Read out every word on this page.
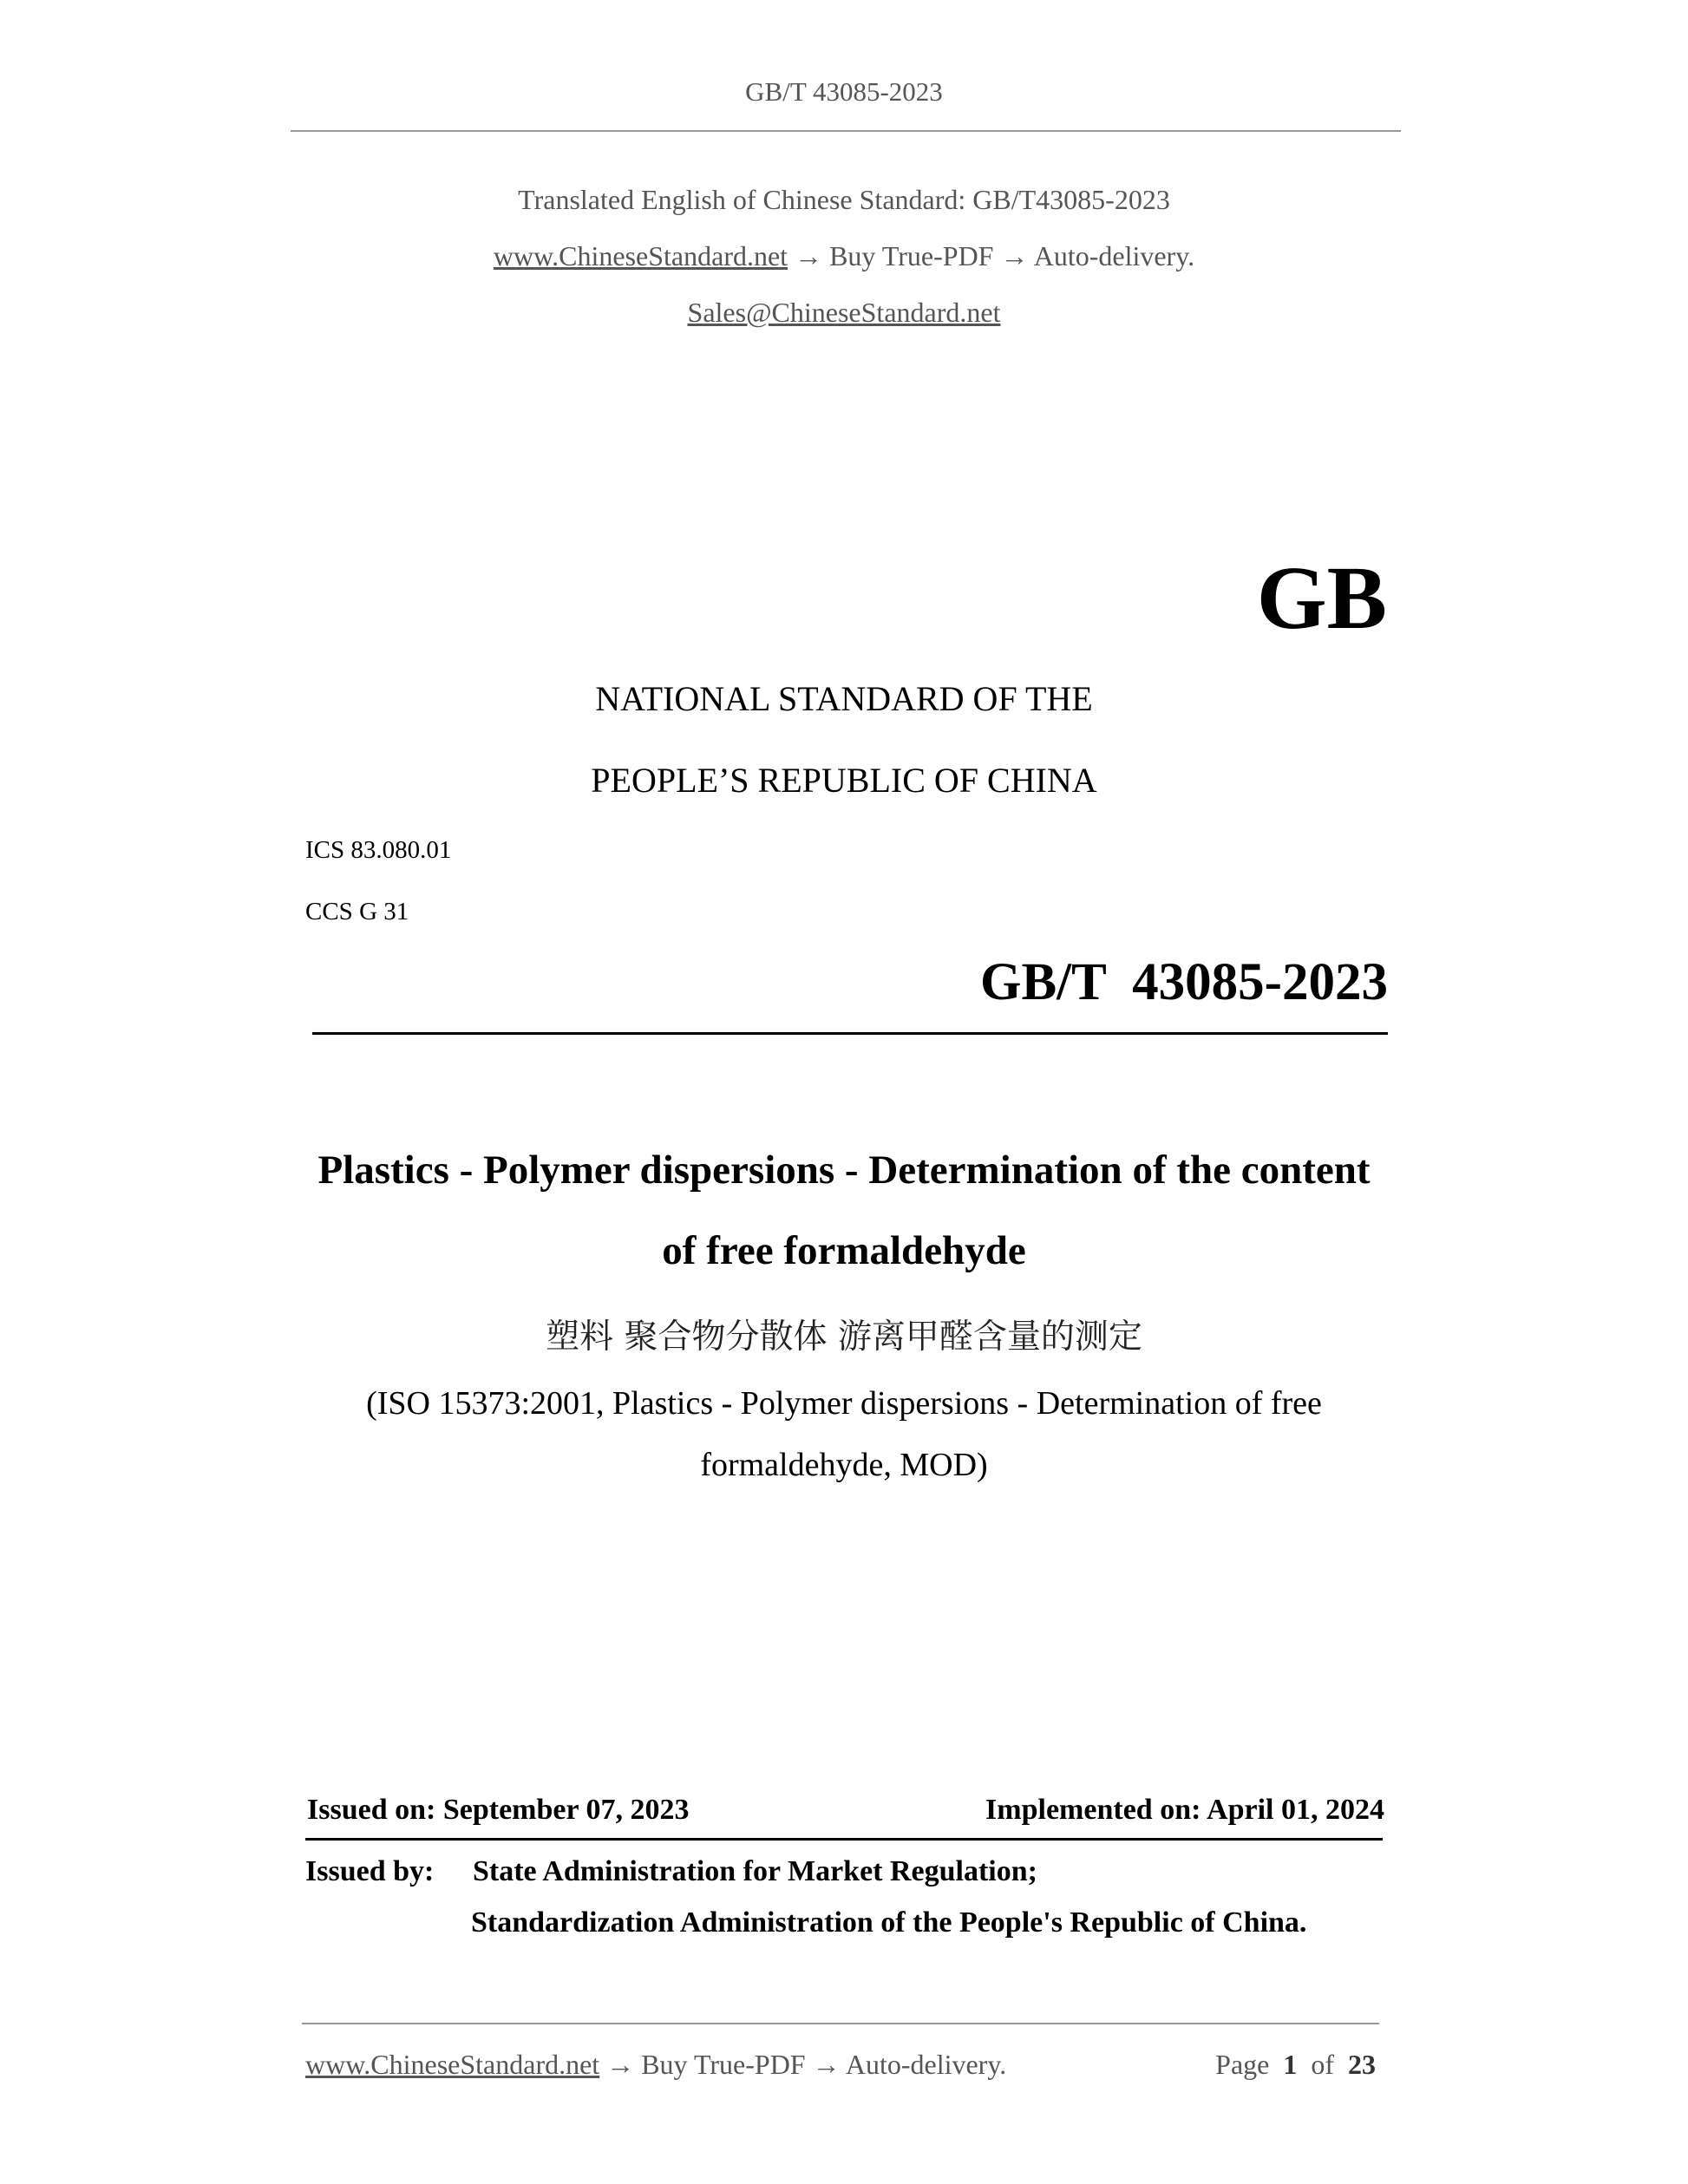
GB/T 43085-2023
Translated English of Chinese Standard: GB/T43085-2023
www.ChineseStandard.net → Buy True-PDF → Auto-delivery.
Sales@ChineseStandard.net
GB
NATIONAL STANDARD OF THE
PEOPLE’S REPUBLIC OF CHINA
ICS 83.080.01
CCS G 31
GB/T  43085-2023
Plastics - Polymer dispersions - Determination of the content
of free formaldehyde
塑料 聚合物分散体 游离甲醛含量的测定
(ISO 15373:2001, Plastics - Polymer dispersions - Determination of free
formaldehyde, MOD)
Issued on: September 07, 2023	Implemented on: April 01, 2024
Issued by: State Administration for Market Regulation;
Standardization Administration of the People's Republic of China.
www.ChineseStandard.net → Buy True-PDF → Auto-delivery.	Page 1 of 23
